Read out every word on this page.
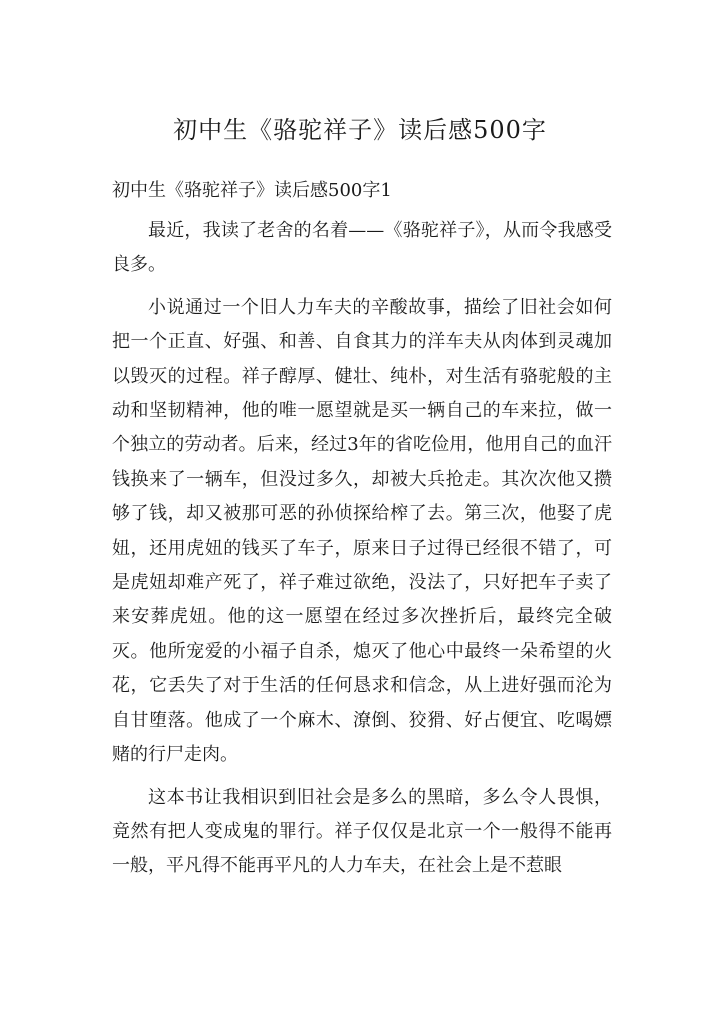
初中生《骆驼祥子》读后感500字

初中生《骆驼祥子》读后感500字1

最近，我读了老舍的名着——《骆驼祥子》，从而令我感受良多。

小说通过一个旧人力车夫的辛酸故事，描绘了旧社会如何把一个正直、好强、和善、自食其力的洋车夫从肉体到灵魂加以毁灭的过程。祥子醇厚、健壮、纯朴，对生活有骆驼般的主动和坚韧精神，他的唯一愿望就是买一辆自己的车来拉，做一个独立的劳动者。后来，经过3年的省吃俭用，他用自己的血汗钱换来了一辆车，但没过多久，却被大兵抢走。其次次他又攒够了钱，却又被那可恶的孙侦探给榨了去。第三次，他娶了虎妞，还用虎妞的钱买了车子，原来日子过得已经很不错了，可是虎妞却难产死了，祥子难过欲绝，没法了，只好把车子卖了来安葬虎妞。他的这一愿望在经过多次挫折后，最终完全破灭。他所宠爱的小福子自杀，熄灭了他心中最终一朵希望的火花，它丢失了对于生活的任何恳求和信念，从上进好强而沦为自甘堕落。他成了一个麻木、潦倒、狡猾、好占便宜、吃喝嫖赌的行尸走肉。

这本书让我相识到旧社会是多么的黑暗，多么令人畏惧，竟然有把人变成鬼的罪行。祥子仅仅是北京一个一般得不能再一般，平凡得不能再平凡的人力车夫，在社会上是不惹眼
